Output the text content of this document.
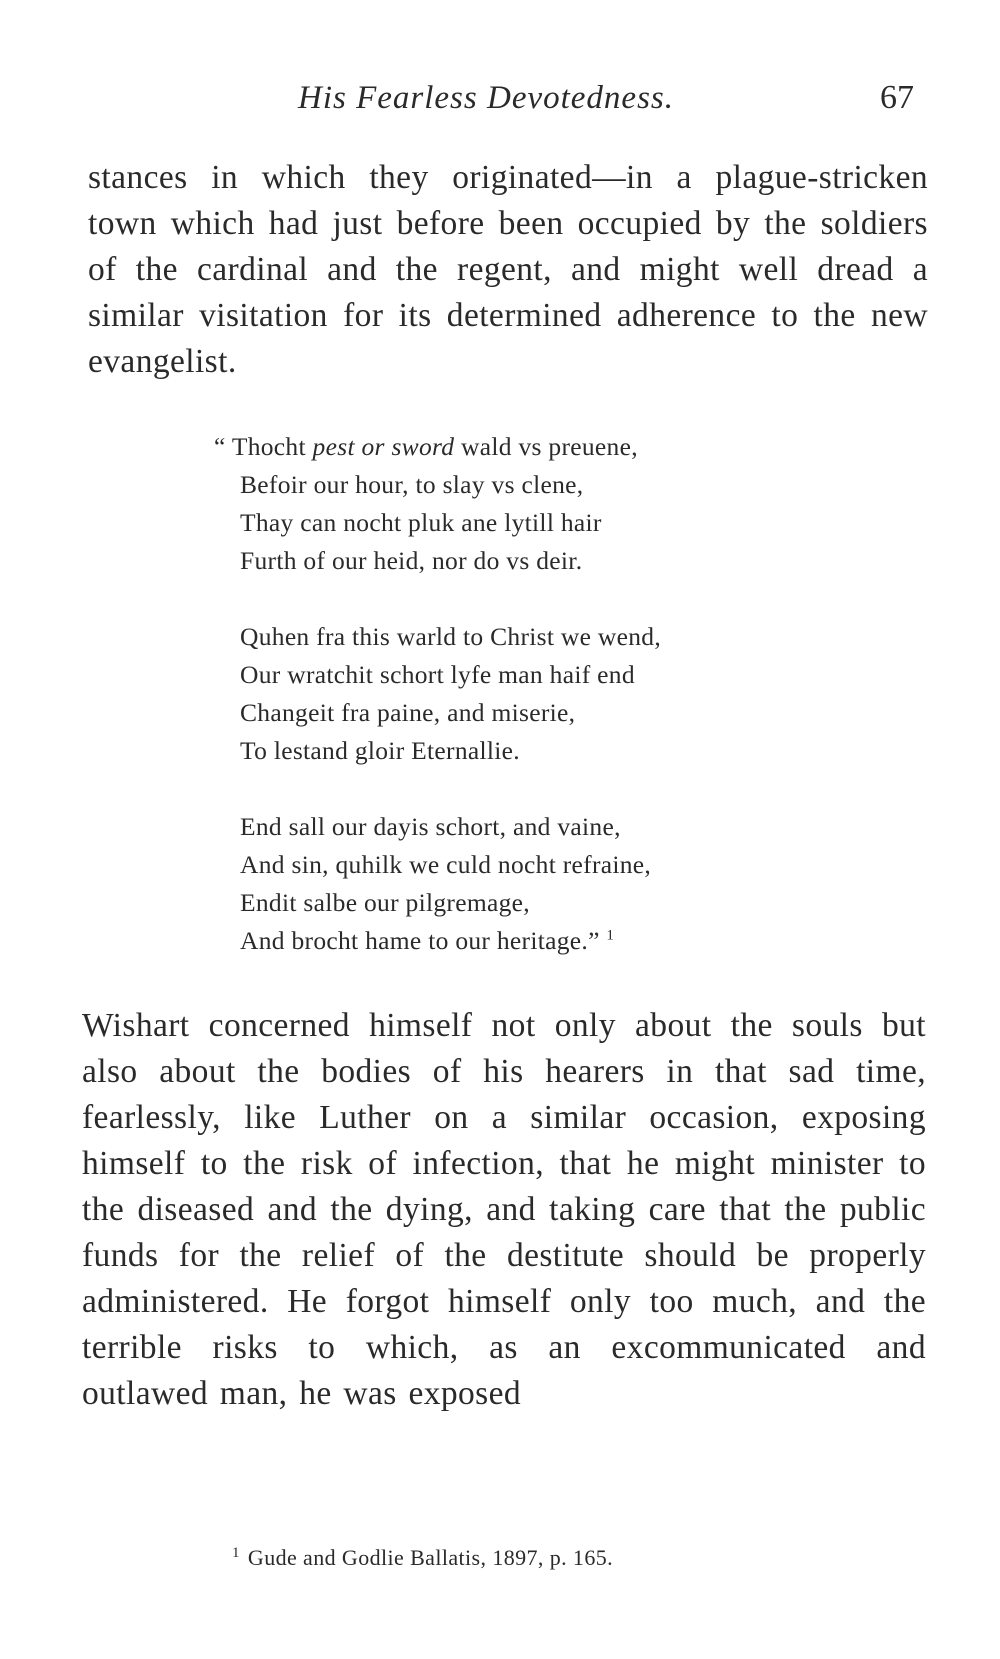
His Fearless Devotedness.	67

stances in which they originated—in a plague-stricken town which had just before been occupied by the soldiers of the cardinal and the regent, and might well dread a similar visitation for its determined adherence to the new evangelist.

“ Thocht pest or sword wald vs preuene,
Befoir our hour, to slay vs clene,
Thay can nocht pluk ane lytill hair
Furth of our heid, nor do vs deir.
Quhen fra this warld to Christ we wend,
Our wratchit schort lyfe man haif end
Changeit fra paine, and miserie,
To lestand gloir Eternallie.
End sall our dayis schort, and vaine,
And sin, quhilk we culd nocht refraine,
Endit salbe our pilgremage,
And brocht hame to our heritage.” $^1$

Wishart concerned himself not only about the souls but also about the bodies of his hearers in that sad time, fearlessly, like Luther on a similar occasion, exposing himself to the risk of infection, that he might minister to the diseased and the dying, and taking care that the public funds for the relief of the destitute should be properly administered. He forgot himself only too much, and the terrible risks to which, as an excommunicated and outlawed man, he was exposed

$^1$ Gude and Godlie Ballatis, 1897, p. 165.
